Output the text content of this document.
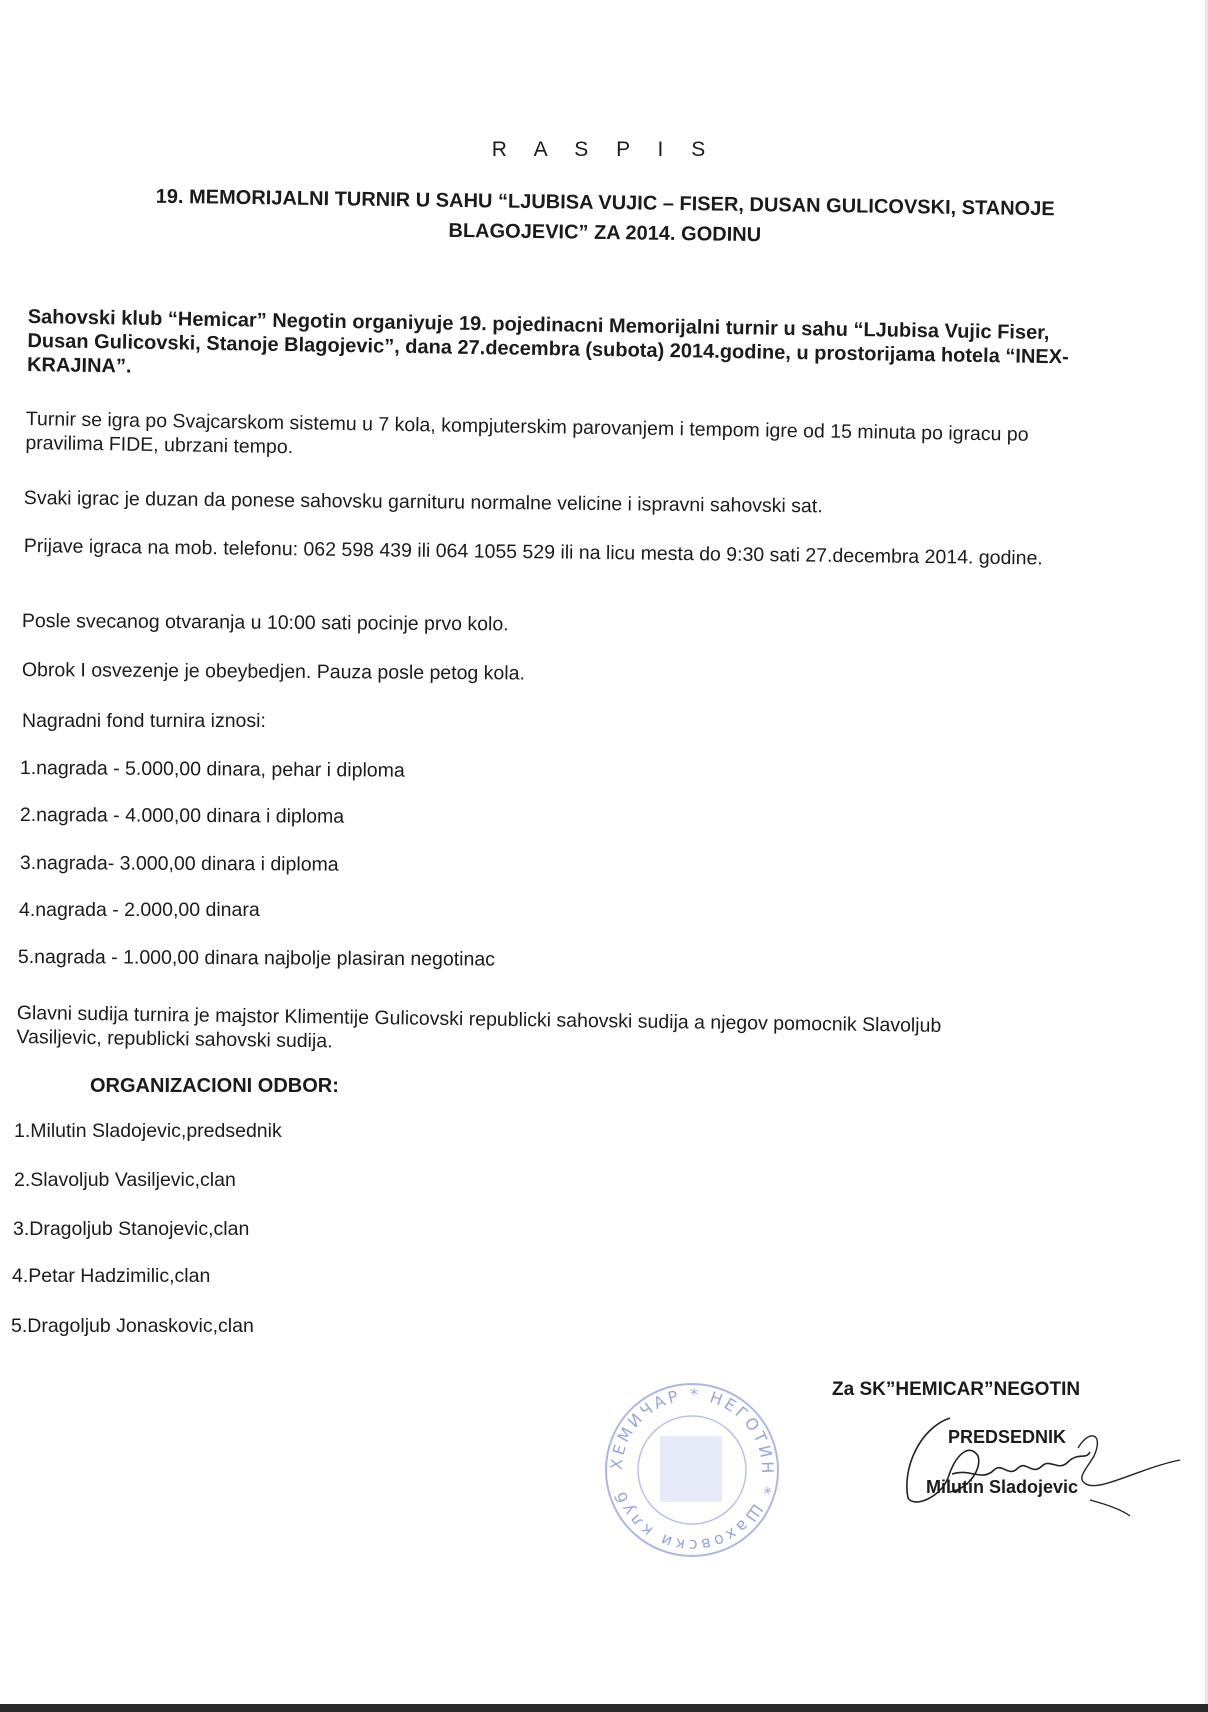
R A S P I S
19. MEMORIJALNI TURNIR U SAHU “LJUBISA VUJIC – FISER, DUSAN GULICOVSKI, STANOJE
BLAGOJEVIC” ZA 2014. GODINU
Sahovski klub “Hemicar” Negotin organiyuje 19. pojedinacni Memorijalni turnir u sahu “LJubisa Vujic Fiser, Dusan Gulicovski, Stanoje Blagojevic”, dana 27.decembra (subota) 2014.godine, u prostorijama hotela “INEX-KRAJINA”.
Turnir se igra po Svajcarskom sistemu u 7 kola, kompjuterskim parovanjem i tempom igre od 15 minuta po igracu po pravilima FIDE, ubrzani tempo.
Svaki igrac je duzan da ponese sahovsku garnituru normalne velicine i ispravni sahovski sat.
Prijave igraca na mob. telefonu: 062 598 439 ili 064 1055 529 ili na licu mesta do 9:30 sati 27.decembra 2014. godine.
Posle svecanog otvaranja u 10:00 sati pocinje prvo kolo.
Obrok I osvezenje je obeybedjen. Pauza posle petog kola.
Nagradni fond turnira iznosi:
1.nagrada - 5.000,00 dinara, pehar i diploma
2.nagrada - 4.000,00 dinara i diploma
3.nagrada- 3.000,00 dinara i diploma
4.nagrada - 2.000,00 dinara
5.nagrada - 1.000,00 dinara najbolje plasiran negotinac
Glavni sudija turnira je majstor Klimentije Gulicovski republicki sahovski sudija a njegov pomocnik Slavoljub Vasiljevic, republicki sahovski sudija.
ORGANIZACIONI ODBOR:
1.Milutin Sladojevic,predsednik
2.Slavoljub Vasiljevic,clan
3.Dragoljub Stanojevic,clan
4.Petar Hadzimilic,clan
5.Dragoljub Jonaskovic,clan
ХЕМИЧАР * НЕГОТИН * Шаховски клуб
Za SK”HEMICAR”NEGOTIN
PREDSEDNIK
Milutin Sladojevic
